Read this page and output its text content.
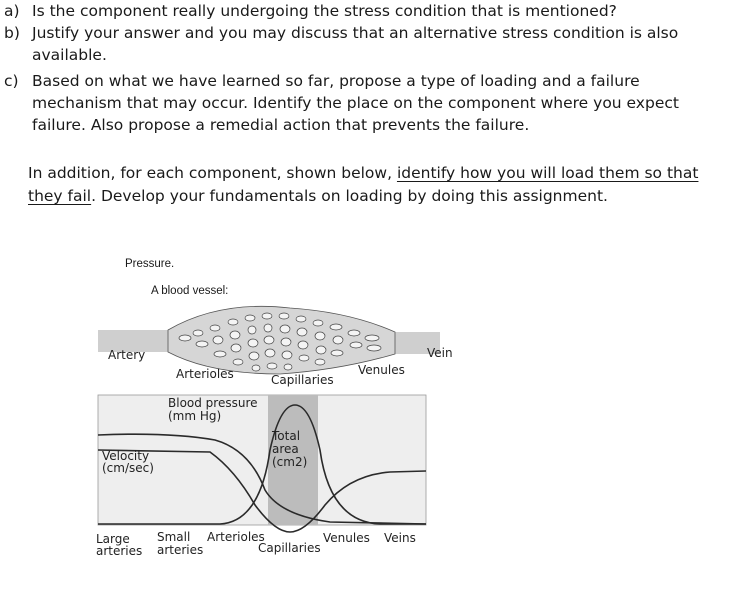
a) Is the component really undergoing the stress condition that is mentioned?
b) Justify your answer and you may discuss that an alternative stress condition is also available.
c) Based on what we have learned so far, propose a type of loading and a failure mechanism that may occur. Identify the place on the component where you expect failure. Also propose a remedial action that prevents the failure.
In addition, for each component, shown below, identify how you will load them so that they fail. Develop your fundamentals on loading by doing this assignment.
Pressure.
A blood vessel:
Artery
Arterioles	Capillaries
Venules
Vein
Blood pressure
(mm Hg)
Velocity
(cm/sec)
Total
area
(cm2)
Large
arteries
Small
arteries
Arterioles
Capillaries
Venules Veins
